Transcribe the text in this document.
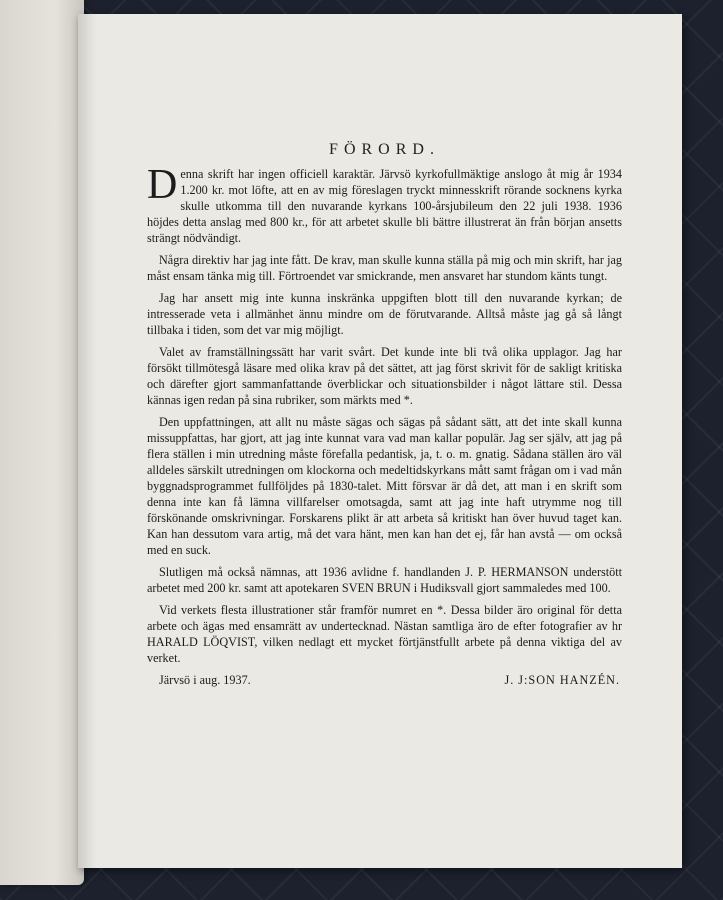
FÖRORD.

Denna skrift har ingen officiell karaktär. Järvsö kyrkofullmäktige anslogo åt mig år 1934 1.200 kr. mot löfte, att en av mig föreslagen tryckt minnesskrift rörande socknens kyrka skulle utkomma till den nuvarande kyrkans 100-årsjubileum den 22 juli 1938. 1936 höjdes detta anslag med 800 kr., för att arbetet skulle bli bättre illustrerat än från början ansetts strängt nödvändigt.

Några direktiv har jag inte fått. De krav, man skulle kunna ställa på mig och min skrift, har jag måst ensam tänka mig till. Förtroendet var smickrande, men ansvaret har stundom känts tungt.

Jag har ansett mig inte kunna inskränka uppgiften blott till den nuvarande kyrkan; de intresserade veta i allmänhet ännu mindre om de förutvarande. Alltså måste jag gå så långt tillbaka i tiden, som det var mig möjligt.

Valet av framställningssätt har varit svårt. Det kunde inte bli två olika upplagor. Jag har försökt tillmötesgå läsare med olika krav på det sättet, att jag först skrivit för de sakligt kritiska och därefter gjort sammanfattande överblickar och situationsbilder i något lättare stil. Dessa kännas igen redan på sina rubriker, som märkts med *.

Den uppfattningen, att allt nu måste sägas och sägas på sådant sätt, att det inte skall kunna missuppfattas, har gjort, att jag inte kunnat vara vad man kallar populär. Jag ser själv, att jag på flera ställen i min utredning måste förefalla pedantisk, ja, t. o. m. gnatig. Sådana ställen äro väl alldeles särskilt utredningen om klockorna och medeltidskyrkans mått samt frågan om i vad mån byggnadsprogrammet fullföljdes på 1830-talet. Mitt försvar är då det, att man i en skrift som denna inte kan få lämna villfarelser omotsagda, samt att jag inte haft utrymme nog till förskönande omskrivningar. Forskarens plikt är att arbeta så kritiskt han över huvud taget kan. Kan han dessutom vara artig, må det vara hänt, men kan han det ej, får han avstå — om också med en suck.

Slutligen må också nämnas, att 1936 avlidne f. handlanden J. P. HERMANSON understött arbetet med 200 kr. samt att apotekaren SVEN BRUN i Hudiksvall gjort sammaledes med 100.

Vid verkets flesta illustrationer står framför numret en *. Dessa bilder äro original för detta arbete och ägas med ensamrätt av undertecknad. Nästan samtliga äro de efter fotografier av hr HARALD LÖQVIST, vilken nedlagt ett mycket förtjänstfullt arbete på denna viktiga del av verket.

Järvsö i aug. 1937.	J. J:SON HANZÉN.
